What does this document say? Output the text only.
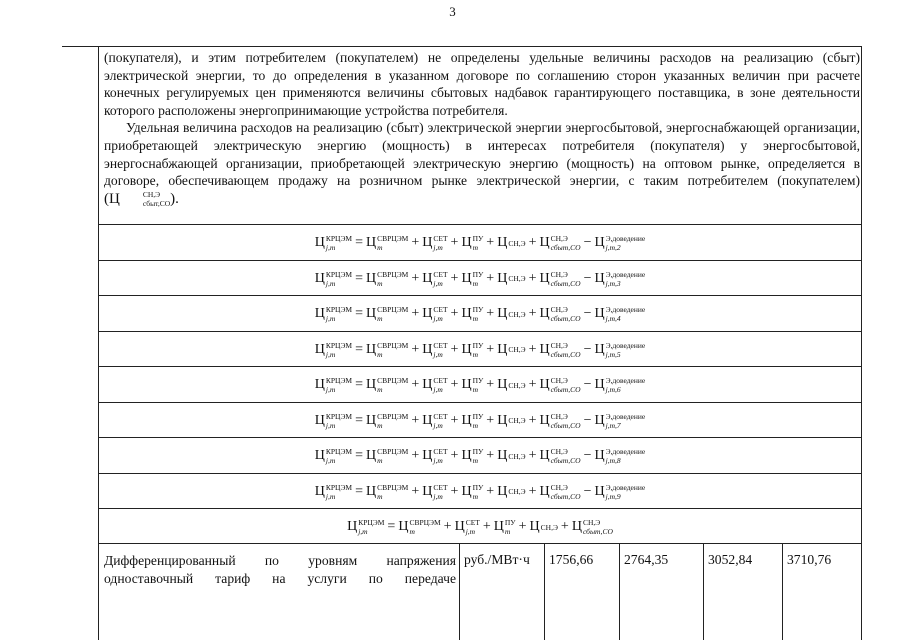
3

(покупателя), и этим потребителем (покупателем) не определены удельные величины расходов на реализацию (сбыт) электрической энергии, то до определения в указанном договоре по соглашению сторон указанных величин при расчете конечных регулируемых цен применяются величины сбытовых надбавок гарантирующего поставщика, в зоне деятельности которого расположены энергопринимающие устройства потребителя.

Удельная величина расходов на реализацию (сбыт) электрической энергии энергосбытовой, энергоснабжающей организации, приобретающей электрическую энергию (мощность) в интересах потребителя (покупателя) у энергосбытовой, энергоснабжающей организации, приобретающей электрическую энергию (мощность) на оптовом рынке, определяется в договоре, обеспечивающем продажу на розничном рынке электрической энергии, с таким потребителем (покупателем) (Ц	СН,Э
сбыт,СО ).

Ц КРЦЭМ
j,m	= Ц СВРЦЭМ
m	+ Ц СЕТ
j,m + Ц ПУ
m + Ц СН,Э + Ц СН,Э
сбыт,СО − Ц Э,доведение
j,m,2
Ц КРЦЭМ
j,m	= Ц СВРЦЭМ
m	+ Ц СЕТ
j,m + Ц ПУ
m + Ц СН,Э + Ц СН,Э
сбыт,СО − Ц Э,доведение
j,m,3
Ц КРЦЭМ
j,m	= Ц СВРЦЭМ
m	+ Ц СЕТ
j,m + Ц ПУ
m + Ц СН,Э + Ц СН,Э
сбыт,СО − Ц Э,доведение
j,m,4
Ц КРЦЭМ
j,m	= Ц СВРЦЭМ
m	+ Ц СЕТ
j,m + Ц ПУ
m + Ц СН,Э + Ц СН,Э
сбыт,СО − Ц Э,доведение
j,m,5
Ц КРЦЭМ
j,m	= Ц СВРЦЭМ
m	+ Ц СЕТ
j,m + Ц ПУ
m + Ц СН,Э + Ц СН,Э
сбыт,СО − Ц Э,доведение
j,m,6
Ц КРЦЭМ
j,m	= Ц СВРЦЭМ
m	+ Ц СЕТ
j,m + Ц ПУ
m + Ц СН,Э + Ц СН,Э
сбыт,СО − Ц Э,доведение
j,m,7
Ц КРЦЭМ
j,m	= Ц СВРЦЭМ
m	+ Ц СЕТ
j,m + Ц ПУ
m + Ц СН,Э + Ц СН,Э
сбыт,СО − Ц Э,доведение
j,m,8
Ц КРЦЭМ
j,m	= Ц СВРЦЭМ
m	+ Ц СЕТ
j,m + Ц ПУ
m + Ц СН,Э + Ц СН,Э
сбыт,СО − Ц Э,доведение
j,m,9
Ц КРЦЭМ
j,m	= Ц СВРЦЭМ
m	+ Ц СЕТ
j,m + Ц ПУ
m + Ц СН,Э + Ц СН,Э
сбыт,СО
Дифференцированный по уровням напряжения одноставочный тариф на услуги по передаче
руб./МВт·ч 1756,66 2764,35	3052,84	3710,76
